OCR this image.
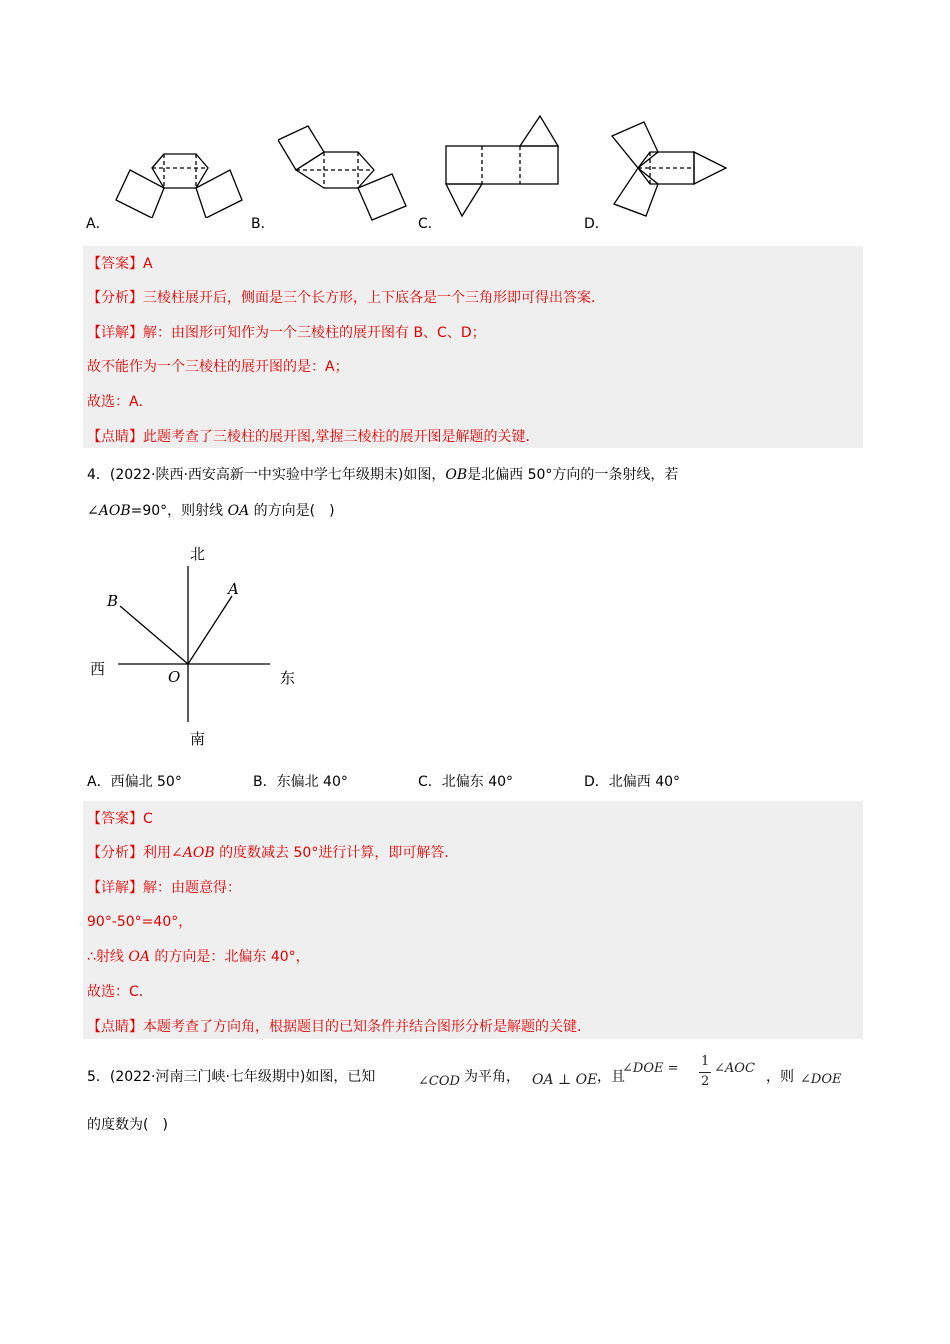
A．	B．	C．	D．
【答案】A
【分析】三棱柱展开后，侧面是三个长方形，上下底各是一个三角形即可得出答案．
【详解】解：由图形可知作为一个三棱柱的展开图有 B、C、D；
故不能作为一个三棱柱的展开图的是：A；
故选：A．
【点睛】此题考查了三棱柱的展开图,掌握三棱柱的展开图是解题的关键．
4．(2022·陕西·西安高新一中实验中学七年级期末)如图，OB是北偏西 50°方向的一条射线，若
∠AOB=90°，则射线 OA 的方向是(　)
北
南
西	东
O
A
B
A．西偏北 50°	B．东偏北 40°	C．北偏东 40°	D．北偏西 40°
【答案】C
【分析】利用∠AOB 的度数减去 50°进行计算，即可解答．
【详解】解：由题意得：
90°-50°=40°，
∴射线 OA 的方向是：北偏东 40°，
故选：C．
【点睛】本题考查了方向角，根据题目的已知条件并结合图形分析是解题的关键．
5．(2022·河南三门峡·七年级期中)如图，已知	∠COD 为平角， OA ⊥ OE ，且
∠DOE = 1
2
∠AOC
，则 ∠DOE
的度数为(　)
